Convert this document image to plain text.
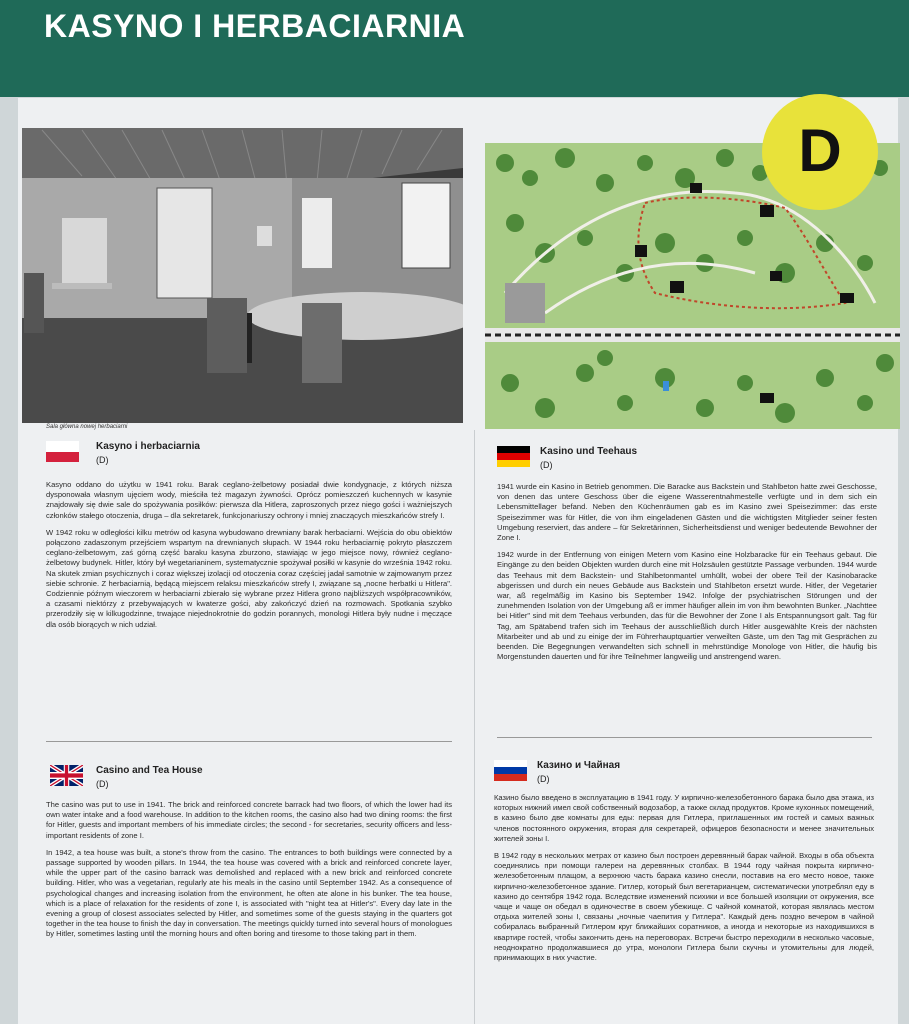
KASYNO I HERBACIARNIA
Sala główna nowej herbaciarni
D
Kasyno i herbaciarnia
(D)

Kasyno oddano do użytku w 1941 roku. Barak ceglano-żelbetowy posiadał dwie kondygnacje, z których niższa dysponowała własnym ujęciem wody, mieściła też magazyn żywności. Oprócz pomieszczeń kuchennych w kasynie znajdowały się dwie sale do spożywania posiłków: pierwsza dla Hitlera, zaproszonych przez niego gości i ważniejszych członków stałego otoczenia, druga – dla sekretarek, funkcjonariuszy ochrony i mniej znaczących mieszkańców strefy I.

W 1942 roku w odległości kilku metrów od kasyna wybudowano drewniany barak herbaciarni. Wejścia do obu obiektów połączono zadaszonym przejściem wspartym na drewnianych słupach. W 1944 roku herbaciarnię pokryto płaszczem ceglano-żelbetowym, zaś górną część baraku kasyna zburzono, stawiając w jego miejsce nowy, również ceglano-żelbetowy budynek. Hitler, który był wegetarianinem, systematycznie spożywał posiłki w kasynie do września 1942 roku. Na skutek zmian psychicznych i coraz większej izolacji od otoczenia coraz częściej jadał samotnie w zajmowanym przez siebie schronie. Z herbaciarnią, będącą miejscem relaksu mieszkańców strefy I, związane są „nocne herbatki u Hitlera". Codziennie późnym wieczorem w herbaciarni zbierało się wybrane przez Hitlera grono najbliższych współpracowników, a czasami niektórzy z przebywających w kwaterze gości, aby zakończyć dzień na rozmowach. Spotkania szybko przerodziły się w kilkugodzinne, trwające niejednokrotnie do godzin porannych, monologi Hitlera były nudne i męczące dla osób biorących w nich udział.

Kasino und Teehaus
(D)

1941 wurde ein Kasino in Betrieb genommen. Die Baracke aus Backstein und Stahlbeton hatte zwei Geschosse, von denen das untere Geschoss über die eigene Wasserentnahmestelle verfügte und in dem sich ein Lebensmittellager befand. Neben den Küchenräumen gab es im Kasino zwei Speisezimmer: das erste Speisezimmer was für Hitler, die von ihm eingeladenen Gästen und die wichtigsten Mitglieder seiner festen Umgebung reserviert, das andere – für Sekretärinnen, Sicherheitsdienst und weniger bedeutende Bewohner der Zone I.

1942 wurde in der Entfernung von einigen Metern vom Kasino eine Holzbaracke für ein Teehaus gebaut. Die Eingänge zu den beiden Objekten wurden durch eine mit Holzsäulen gestützte Passage verbunden. 1944 wurde das Teehaus mit dem Backstein- und Stahlbetonmantel umhüllt, wobei der obere Teil der Kasinobaracke abgerissen und durch ein neues Gebäude aus Backstein und Stahlbeton ersetzt wurde. Hitler, der Vegetarier war, aß regelmäßig im Kasino bis September 1942. Infolge der psychiatrischen Störungen und der zunehmenden Isolation von der Umgebung aß er immer häufiger allein im von ihm bewohnten Bunker. „Nachttee bei Hitler" sind mit dem Teehaus verbunden, das für die Bewohner der Zone I als Entspannungsort galt. Tag für Tag, am Spätabend trafen sich im Teehaus der ausschließlich durch Hitler ausgewählte Kreis der nächsten Mitarbeiter und ab und zu einige der im Führerhauptquartier verweilten Gäste, um den Tag mit Gesprächen zu beenden. Die Begegnungen verwandelten sich schnell in mehrstündige Monologe von Hitler, die häufig bis Morgenstunden dauerten und für ihre Teilnehmer langweilig und anstrengend waren.

Casino and Tea House
(D)

The casino was put to use in 1941. The brick and reinforced concrete barrack had two floors, of which the lower had its own water intake and a food warehouse. In addition to the kitchen rooms, the casino also had two dining rooms: the first for Hitler, guests and important members of his immediate circles; the second - for secretaries, security officers and less-important residents of zone I.

In 1942, a tea house was built, a stone's throw from the casino. The entrances to both buildings were connected by a passage supported by wooden pillars. In 1944, the tea house was covered with a brick and reinforced concrete layer, while the upper part of the casino barrack was demolished and replaced with a new brick and reinforced concrete building. Hitler, who was a vegetarian, regularly ate his meals in the casino until September 1942. As a consequence of psychological changes and increasing isolation from the environment, he often ate alone in his bunker. The tea house, which is a place of relaxation for the residents of zone I, is associated with "night tea at Hitler's". Every day late in the evening a group of closest associates selected by Hitler, and sometimes some of the guests staying in the quarters got together in the tea house to finish the day in conversation. The meetings quickly turned into several hours of monologues by Hitler, sometimes lasting until the morning hours and often boring and tiresome to those taking part in them.

Казино и Чайная
(D)

Казино было введено в эксплуатацию в 1941 году. У кирпично-железобетонного барака было два этажа, из которых нижний имел свой собственный водозабор, а также склад продуктов. Кроме кухонных помещений, в казино было две комнаты для еды: первая для Гитлера, приглашенных им гостей и самых важных членов постоянного окружения, вторая для секретарей, офицеров безопасности и менее значительных жителей зоны I.

В 1942 году в нескольких метрах от казино был построен деревянный барак чайной. Входы в оба объекта соединялись при помощи галереи на деревянных столбах. В 1944 году чайная покрыта кирпично-железобетонным плащом, а верхнюю часть барака казино снесли, поставив на его место новое, также кирпично-железобетонное здание. Гитлер, который был вегетарианцем, систематически употреблял еду в казино до сентября 1942 года. Вследствие изменений психики и все большей изоляции от окружения, все чаще и чаще он обедал в одиночестве в своем убежище. С чайной комнатой, которая являлась местом отдыха жителей зоны I, связаны „ночные чаепития у Гитлера". Каждый день поздно вечером в чайной собиралась выбранный Гитлером круг ближайших соратников, а иногда и некоторые из находившихся в квартире гостей, чтобы закончить день на переговорах. Встречи быстро переходили в несколько часовые, неоднократно продолжавшиеся до утра, монологи Гитлера были скучны и утомительны для людей, принимающих в них участие.
